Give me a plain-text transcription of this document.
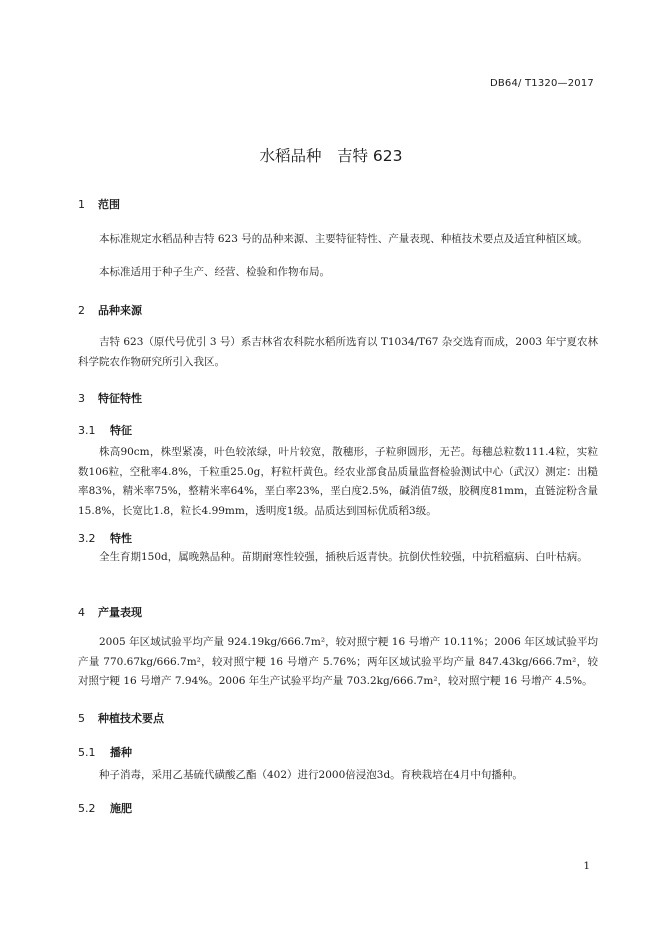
DB64/ T1320—2017
水稻品种　吉特 623
1 范围

本标准规定水稻品种吉特 623 号的品种来源、主要特征特性、产量表现、种植技术要点及适宜种植区域。

本标准适用于种子生产、经营、检验和作物布局。

2 品种来源

吉特 623（原代号优引 3 号）系吉林省农科院水稻所选育以 T1034/T67 杂交选育而成，2003 年宁夏农林科学院农作物研究所引入我区。

3 特征特性
3.1 特征

株高90cm，株型紧凑，叶色较浓绿，叶片较宽，散穗形，子粒卵圆形，无芒。每穗总粒数111.4粒，实粒数106粒，空秕率4.8%，千粒重25.0g，籽粒杆黄色。经农业部食品质量监督检验测试中心（武汉）测定：出糙率83%，精米率75%，整精米率64%，垩白率23%，垩白度2.5%，碱消值7级，胶稠度81mm，直链淀粉含量15.8%，长宽比1.8，粒长4.99mm，透明度1级。品质达到国标优质稻3级。

3.2 特性

全生育期150d，属晚熟品种。苗期耐寒性较强，插秧后返青快。抗倒伏性较强，中抗稻瘟病、白叶枯病。

4 产量表现

2005 年区域试验平均产量 924.19kg/666.7m²，较对照宁粳 16 号增产 10.11%；2006 年区域试验平均产量 770.67kg/666.7m²，较对照宁粳 16 号增产 5.76%；两年区域试验平均产量 847.43kg/666.7m²，较对照宁粳 16 号增产 7.94%。2006 年生产试验平均产量 703.2kg/666.7m²，较对照宁粳 16 号增产 4.5%。

5 种植技术要点
5.1 播种

种子消毒，采用乙基硫代磺酸乙酯（402）进行2000倍浸泡3d。育秧栽培在4月中旬播种。

5.2 施肥
1
